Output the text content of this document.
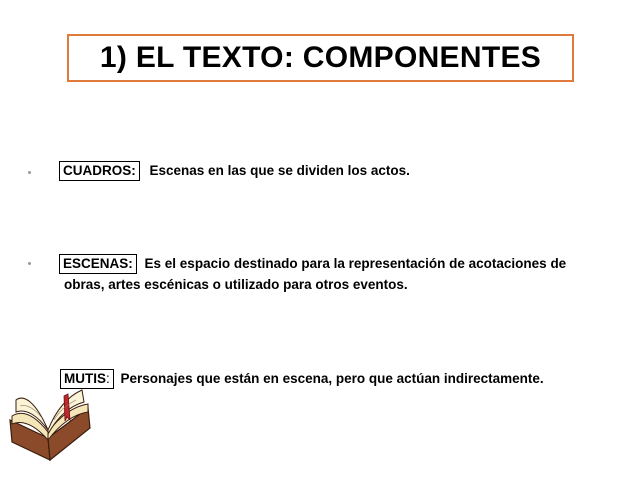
1) EL TEXTO: COMPONENTES
CUADROS: Escenas en las que se dividen los actos.
ESCENAS: Es el espacio destinado para la representación de acotaciones de
obras, artes escénicas o utilizado para otros eventos.
MUTIS: Personajes que están en escena, pero que actúan indirectamente.
